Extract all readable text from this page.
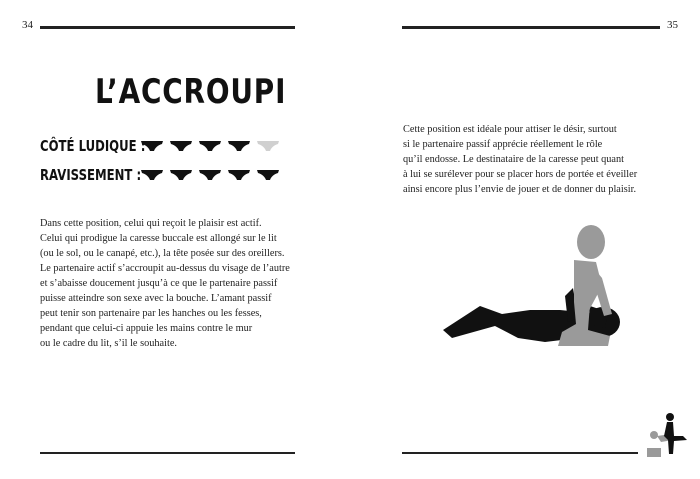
34
L’ACCROUPI
CÔTÉ LUDIQUE :
RAVISSEMENT :
Dans cette position, celui qui reçoit le plaisir est actif.
Celui qui prodigue la caresse buccale est allongé sur le lit
(ou le sol, ou le canapé, etc.), la tête posée sur des oreillers.
Le partenaire actif s’accroupit au-dessus du visage de l’autre
et s’abaisse doucement jusqu’à ce que le partenaire passif
puisse atteindre son sexe avec la bouche. L’amant passif
peut tenir son partenaire par les hanches ou les fesses,
pendant que celui-ci appuie les mains contre le mur
ou le cadre du lit, s’il le souhaite.
35
Cette position est idéale pour attiser le désir, surtout
si le partenaire passif apprécie réellement le rôle
qu’il endosse. Le destinataire de la caresse peut quant
à lui se surélever pour se placer hors de portée et éveiller
ainsi encore plus l’envie de jouer et de donner du plaisir.
